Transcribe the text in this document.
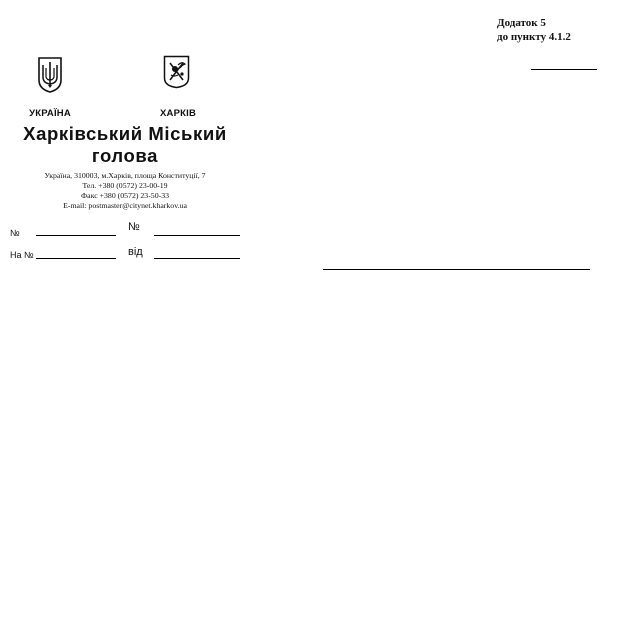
Додаток 5
до пункту 4.1.2
УКРАЇНА	ХАРКІВ
Харківський Міський
голова
Україна, 310003, м.Харків, площа Конституції, 7
Тел. +380 (0572) 23-00-19
Факс +380 (0572) 23-50-33
E-mail: postmaster@citynet.kharkov.ua
№	№
На №	від
